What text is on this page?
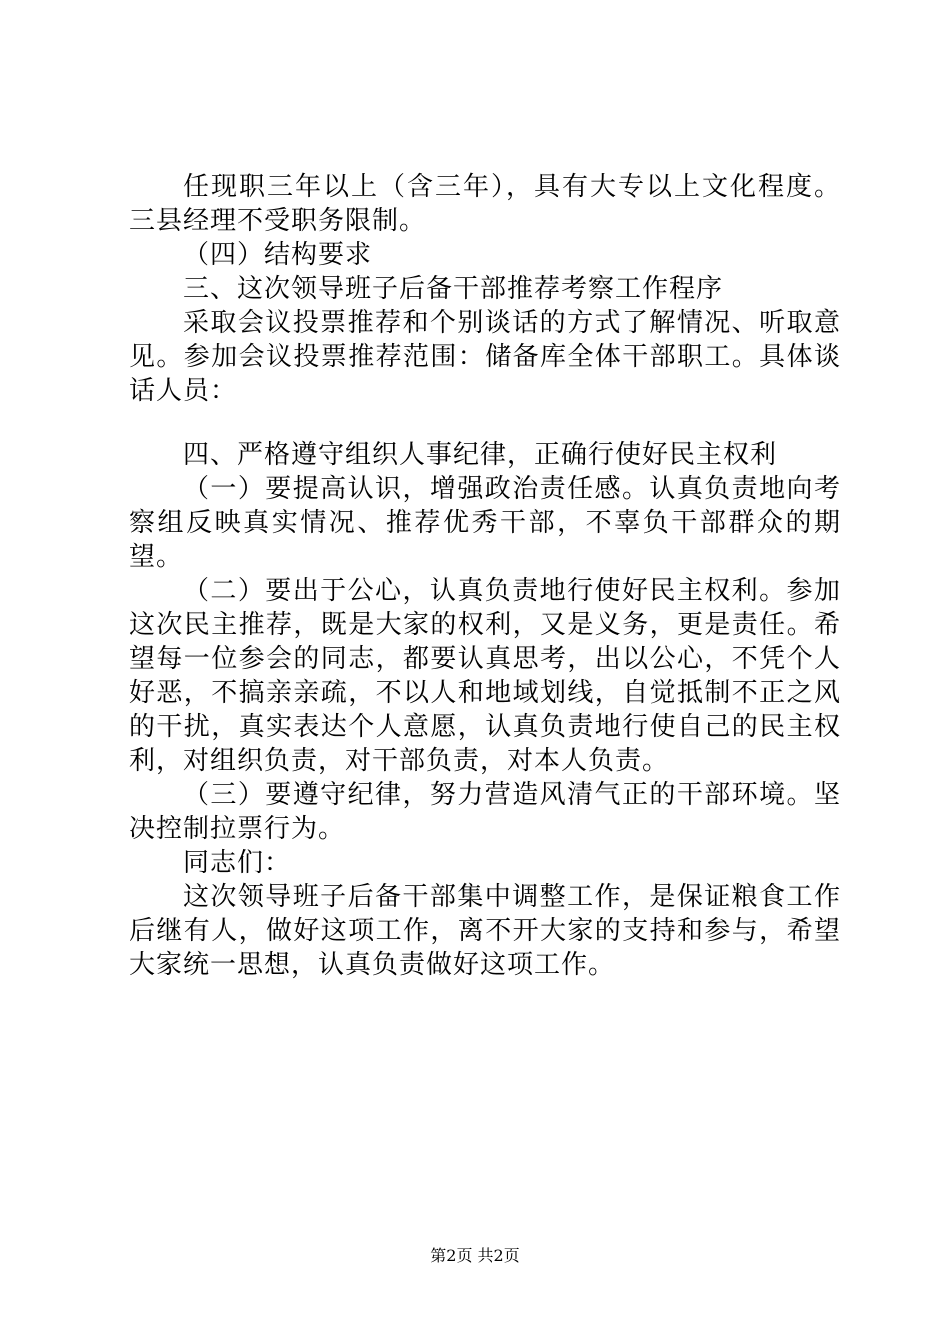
任现职三年以上（含三年），具有大专以上文化程度。三县经理不受职务限制。

（四）结构要求

三、这次领导班子后备干部推荐考察工作程序

采取会议投票推荐和个别谈话的方式了解情况、听取意见。参加会议投票推荐范围：储备库全体干部职工。具体谈话人员：

四、严格遵守组织人事纪律，正确行使好民主权利

（一）要提高认识，增强政治责任感。认真负责地向考察组反映真实情况、推荐优秀干部，不辜负干部群众的期望。

（二）要出于公心，认真负责地行使好民主权利。参加这次民主推荐，既是大家的权利，又是义务，更是责任。希望每一位参会的同志，都要认真思考，出以公心，不凭个人好恶，不搞亲亲疏，不以人和地域划线，自觉抵制不正之风的干扰，真实表达个人意愿，认真负责地行使自己的民主权利，对组织负责，对干部负责，对本人负责。

（三）要遵守纪律，努力营造风清气正的干部环境。坚决控制拉票行为。

同志们：

这次领导班子后备干部集中调整工作，是保证粮食工作后继有人，做好这项工作，离不开大家的支持和参与，希望大家统一思想，认真负责做好这项工作。

第2页 共2页
